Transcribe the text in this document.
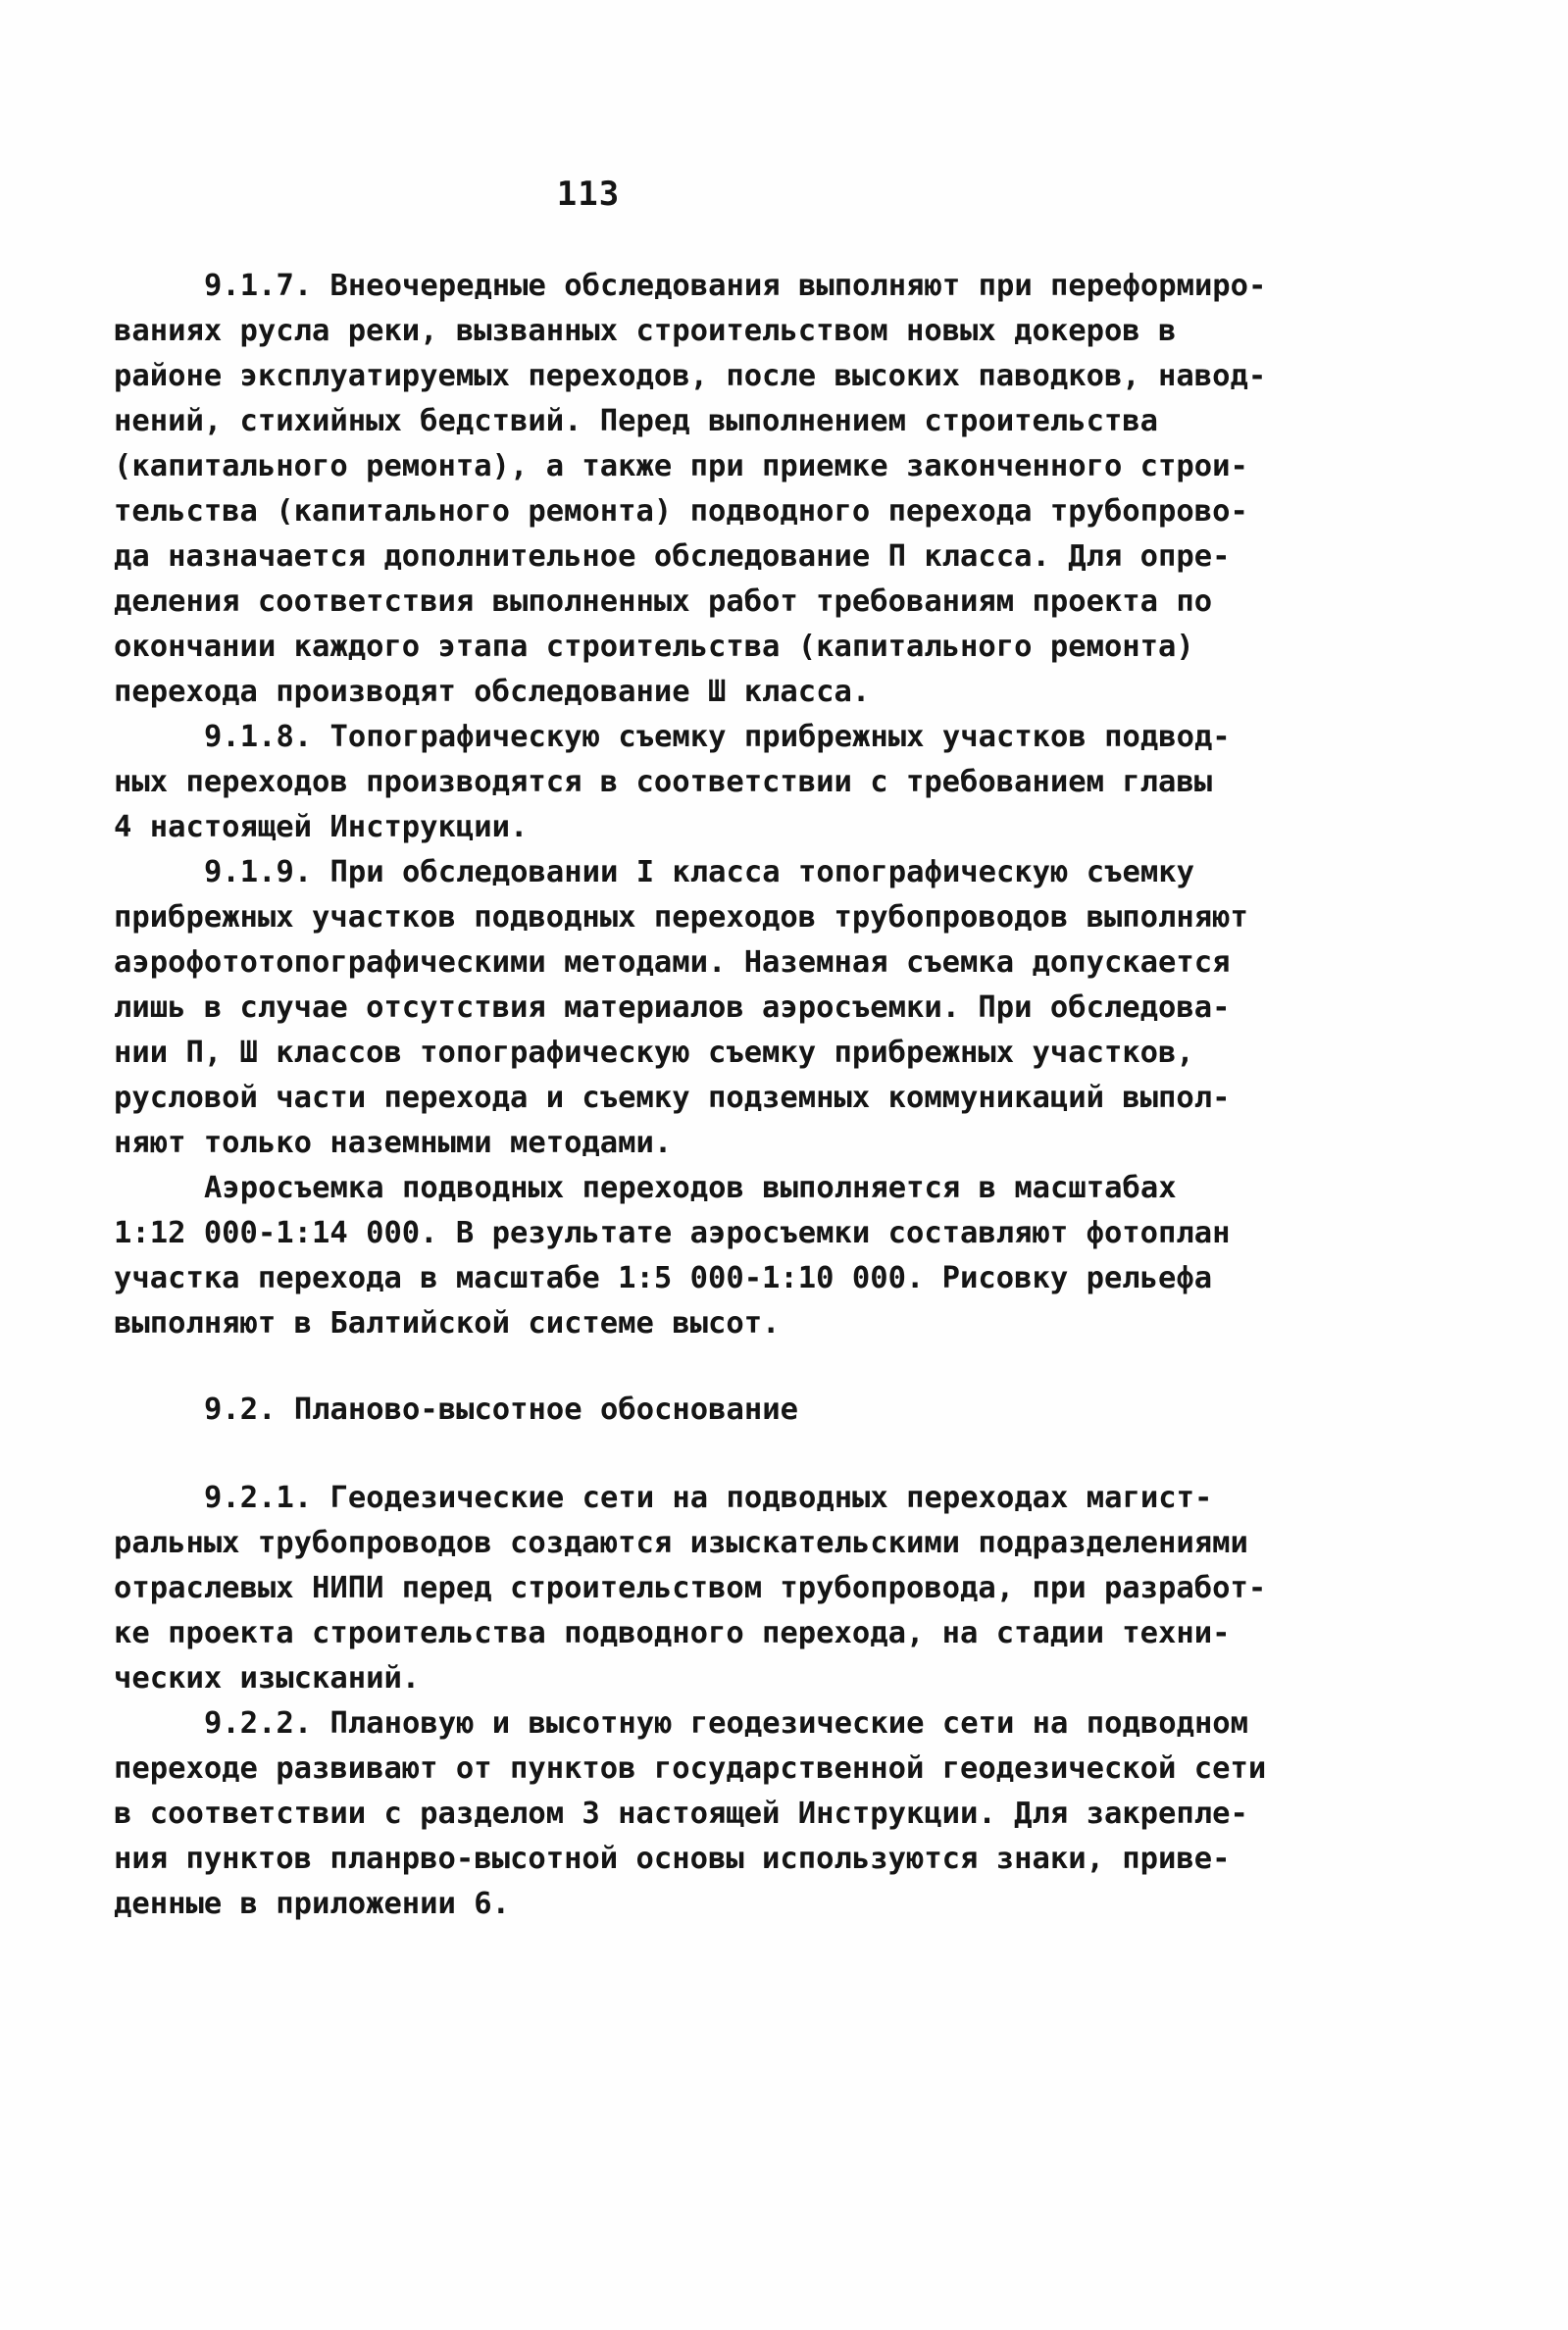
113
9.1.7. Внеочередные обследования выполняют при переформиро-
ваниях русла реки, вызванных строительством новых докеров в
районе эксплуатируемых переходов, после высоких паводков, навод-
нений, стихийных бедствий. Перед выполнением строительства
(капитального ремонта), а также при приемке законченного строи-
тельства (капитального ремонта) подводного перехода трубопрово-
да назначается дополнительное обследование П класса. Для опре-
деления соответствия выполненных работ требованиям проекта по
окончании каждого этапа строительства (капитального ремонта)
перехода производят обследование Ш класса.
9.1.8. Топографическую съемку прибрежных участков подвод-
ных переходов производятся в соответствии с требованием главы
4 настоящей Инструкции.
9.1.9. При обследовании I класса топографическую съемку
прибрежных участков подводных переходов трубопроводов выполняют
аэрофототопографическими методами. Наземная съемка допускается
лишь в случае отсутствия материалов аэросъемки. При обследова-
нии П, Ш классов топографическую съемку прибрежных участков,
русловой части перехода и съемку подземных коммуникаций выпол-
няют только наземными методами.
Аэросъемка подводных переходов выполняется в масштабах
1:12 000-1:14 000. В результате аэросъемки составляют фотоплан
участка перехода в масштабе 1:5 000-1:10 000. Рисовку рельефа
выполняют в Балтийской системе высот.
9.2. Планово-высотное обоснование
9.2.1. Геодезические сети на подводных переходах магист-
ральных трубопроводов создаются изыскательскими подразделениями
отраслевых НИПИ перед строительством трубопровода, при разработ-
ке проекта строительства подводного перехода, на стадии техни-
ческих изысканий.
9.2.2. Плановую и высотную геодезические сети на подводном
переходе развивают от пунктов государственной геодезической сети
в соответствии с разделом 3 настоящей Инструкции. Для закрепле-
ния пунктов планрво-высотной основы используются знаки, приве-
денные в приложении 6.
